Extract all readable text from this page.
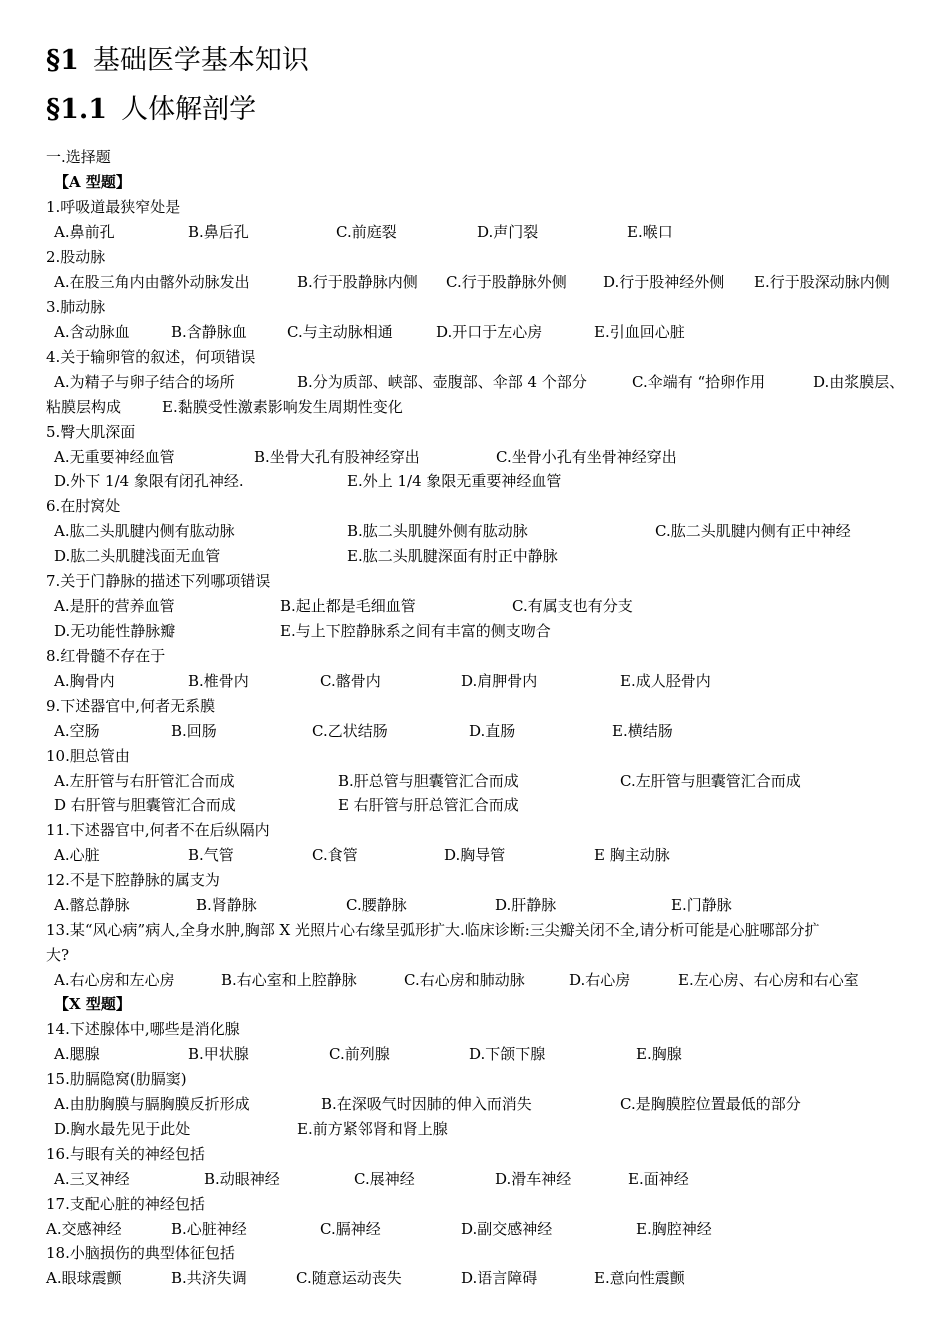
§1 基础医学基本知识
§1.1 人体解剖学
一.选择题
【A 型题】
1.呼吸道最狭窄处是
A.鼻前孔	B.鼻后孔	C.前庭裂	D.声门裂	E.喉口
2.股动脉
A.在股三角内由髂外动脉发出	B.行于股静脉内侧 C.行于股静脉外侧 D.行于股神经外侧 E.行于股深动脉内侧
3.肺动脉
A.含动脉血	B.含静脉血	C.与主动脉相通	D.开口于左心房	E.引血回心脏
4.关于输卵管的叙述，何项错误
A.为精子与卵子结合的场所	B.分为质部、峡部、壶腹部、伞部 4 个部分	C.伞端有 “拾卵作用	D.由浆膜层、
粘膜层构成	E.黏膜受性激素影响发生周期性变化
5.臀大肌深面
A.无重要神经血管	B.坐骨大孔有股神经穿出	C.坐骨小孔有坐骨神经穿出
D.外下 1/4 象限有闭孔神经.	E.外上 1/4 象限无重要神经血管
6.在肘窝处
A.肱二头肌腱内侧有肱动脉	B.肱二头肌腱外侧有肱动脉	C.肱二头肌腱内侧有正中神经
D.肱二头肌腱浅面无血管	E.肱二头肌腱深面有肘正中静脉
7.关于门静脉的描述下列哪项错误
A.是肝的营养血管	B.起止都是毛细血管	C.有属支也有分支
D.无功能性静脉瓣	E.与上下腔静脉系之间有丰富的侧支吻合
8.红骨髓不存在于
A.胸骨内	B.椎骨内	C.髂骨内	D.肩胛骨内	E.成人胫骨内
9.下述器官中,何者无系膜
A.空肠	B.回肠	C.乙状结肠	D.直肠	E.横结肠
10.胆总管由
A.左肝管与右肝管汇合而成	B.肝总管与胆囊管汇合而成	C.左肝管与胆囊管汇合而成
D 右肝管与胆囊管汇合而成	E 右肝管与肝总管汇合而成
11.下述器官中,何者不在后纵隔内
A.心脏	B.气管	C.食管	D.胸导管	E 胸主动脉
12.不是下腔静脉的属支为
A.髂总静脉	B.肾静脉	C.腰静脉	D.肝静脉	E.门静脉
13.某“风心病”病人,全身水肿,胸部 X 光照片心右缘呈弧形扩大.临床诊断:三尖瓣关闭不全,请分析可能是心脏哪部分扩
大?
A.右心房和左心房	B.右心室和上腔静脉	C.右心房和肺动脉	D.右心房	E.左心房、右心房和右心室
【X 型题】
14.下述腺体中,哪些是消化腺
A.腮腺	B.甲状腺	C.前列腺	D.下颌下腺	E.胸腺
15.肋膈隐窝(肋膈窦)
A.由肋胸膜与膈胸膜反折形成	B.在深吸气时因肺的伸入而消失	C.是胸膜腔位置最低的部分
D.胸水最先见于此处	E.前方紧邻肾和肾上腺
16.与眼有关的神经包括
A.三叉神经	B.动眼神经	C.展神经	D.滑车神经	E.面神经
17.支配心脏的神经包括
A.交感神经	B.心脏神经	C.膈神经	D.副交感神经	E.胸腔神经
18.小脑损伤的典型体征包括
A.眼球震颤	B.共济失调	C.随意运动丧失	D.语言障碍	E.意向性震颤
